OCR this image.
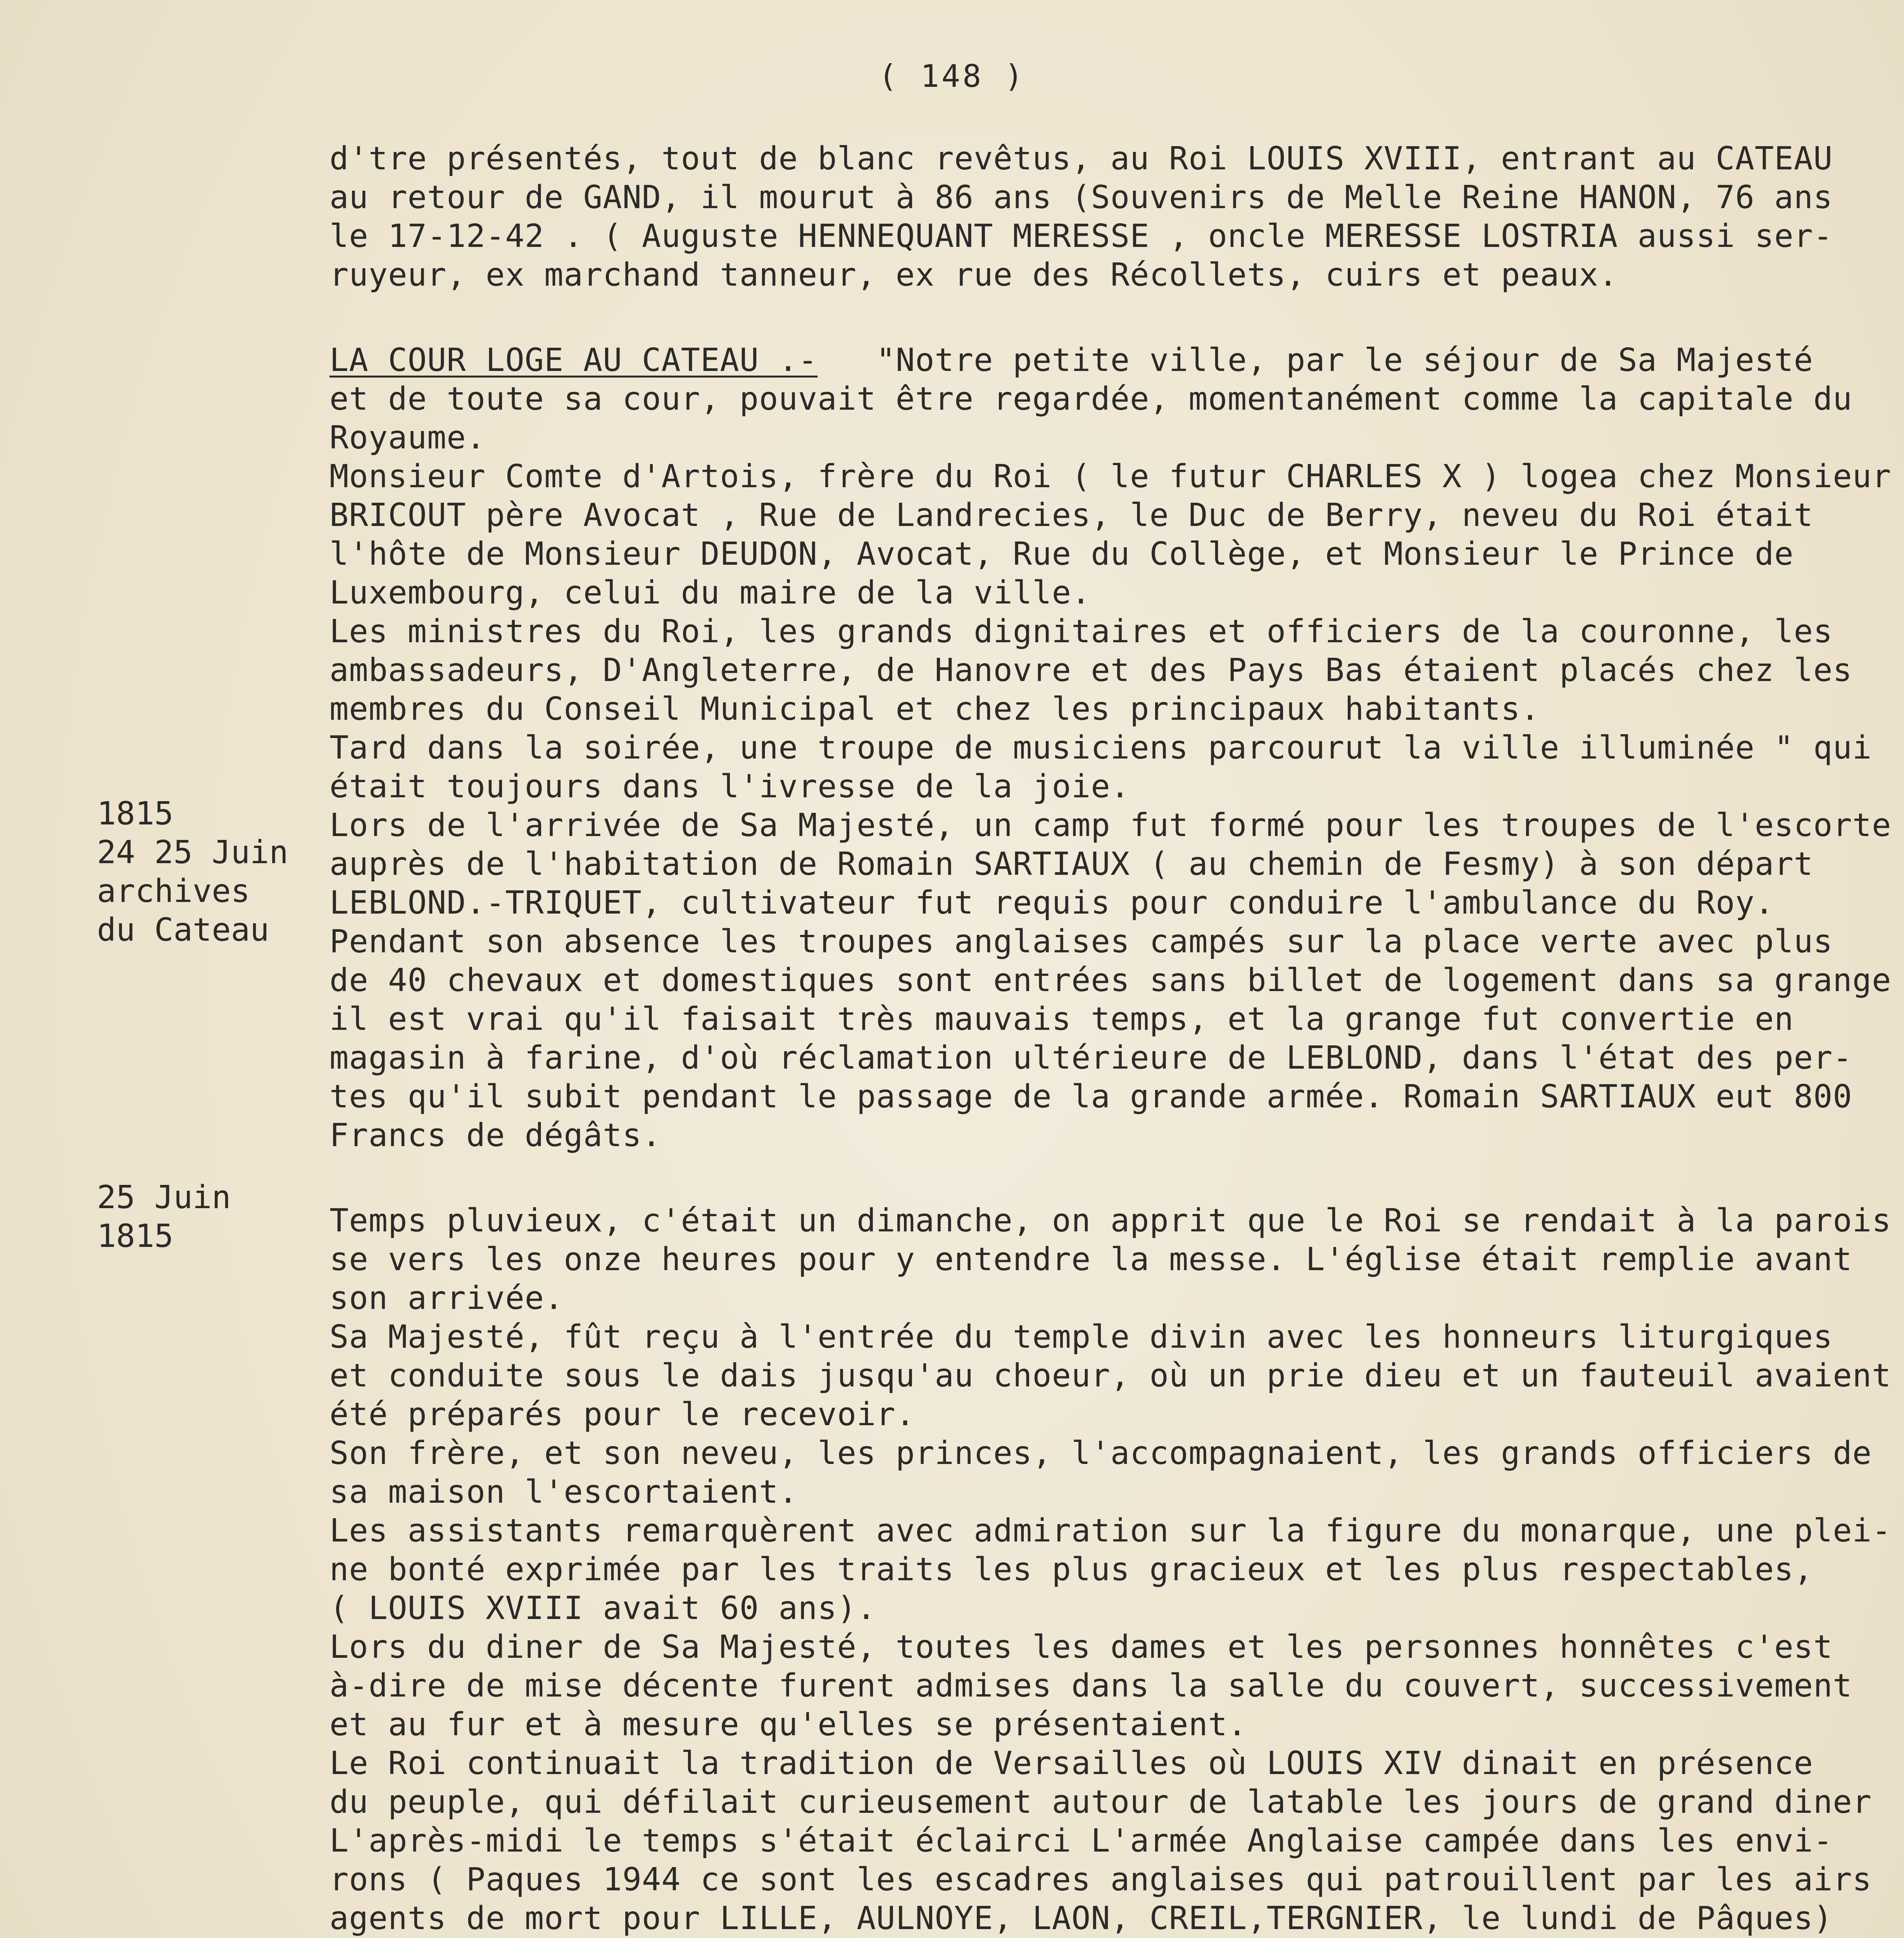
( 148 )
1815
24 25 Juin
archives
du Cateau
25 Juin
1815
d'tre présentés, tout de blanc revêtus, au Roi LOUIS XVIII, entrant au CATEAU
au retour de GAND, il mourut à 86 ans (Souvenirs de Melle Reine HANON, 76 ans
le 17-12-42 . ( Auguste HENNEQUANT MERESSE , oncle MERESSE LOSTRIA aussi ser-
ruyeur, ex marchand tanneur, ex rue des Récollets, cuirs et peaux.
LA COUR LOGE AU CATEAU .-   "Notre petite ville, par le séjour de Sa Majesté
et de toute sa cour, pouvait être regardée, momentanément comme la capitale du
Royaume.
Monsieur Comte d'Artois, frère du Roi ( le futur CHARLES X ) logea chez Monsieur
BRICOUT père Avocat , Rue de Landrecies, le Duc de Berry, neveu du Roi était
l'hôte de Monsieur DEUDON, Avocat, Rue du Collège, et Monsieur le Prince de
Luxembourg, celui du maire de la ville.
Les ministres du Roi, les grands dignitaires et officiers de la couronne, les
ambassadeurs, D'Angleterre, de Hanovre et des Pays Bas étaient placés chez les
membres du Conseil Municipal et chez les principaux habitants.
Tard dans la soirée, une troupe de musiciens parcourut la ville illuminée " qui
était toujours dans l'ivresse de la joie.
Lors de l'arrivée de Sa Majesté, un camp fut formé pour les troupes de l'escorte
auprès de l'habitation de Romain SARTIAUX ( au chemin de Fesmy) à son départ
LEBLOND.-TRIQUET, cultivateur fut requis pour conduire l'ambulance du Roy.
Pendant son absence les troupes anglaises campés sur la place verte avec plus
de 40 chevaux et domestiques sont entrées sans billet de logement dans sa grange
il est vrai qu'il faisait très mauvais temps, et la grange fut convertie en
magasin à farine, d'où réclamation ultérieure de LEBLOND, dans l'état des per-
tes qu'il subit pendant le passage de la grande armée. Romain SARTIAUX eut 800
Francs de dégâts.
Temps pluvieux, c'était un dimanche, on apprit que le Roi se rendait à la parois
se vers les onze heures pour y entendre la messe. L'église était remplie avant
son arrivée.
Sa Majesté, fût reçu à l'entrée du temple divin avec les honneurs liturgiques
et conduite sous le dais jusqu'au choeur, où un prie dieu et un fauteuil avaient
été préparés pour le recevoir.
Son frère, et son neveu, les princes, l'accompagnaient, les grands officiers de
sa maison l'escortaient.
Les assistants remarquèrent avec admiration sur la figure du monarque, une plei-
ne bonté exprimée par les traits les plus gracieux et les plus respectables,
( LOUIS XVIII avait 60 ans).
Lors du diner de Sa Majesté, toutes les dames et les personnes honnêtes c'est
à-dire de mise décente furent admises dans la salle du couvert, successivement
et au fur et à mesure qu'elles se présentaient.
Le Roi continuait la tradition de Versailles où LOUIS XIV dinait en présence
du peuple, qui défilait curieusement autour de latable les jours de grand diner
L'après-midi le temps s'était éclairci L'armée Anglaise campée dans les envi-
rons ( Paques 1944 ce sont les escadres anglaises qui patrouillent par les airs
agents de mort pour LILLE, AULNOYE, LAON, CREIL,TERGNIER, le lundi de Pâques)
